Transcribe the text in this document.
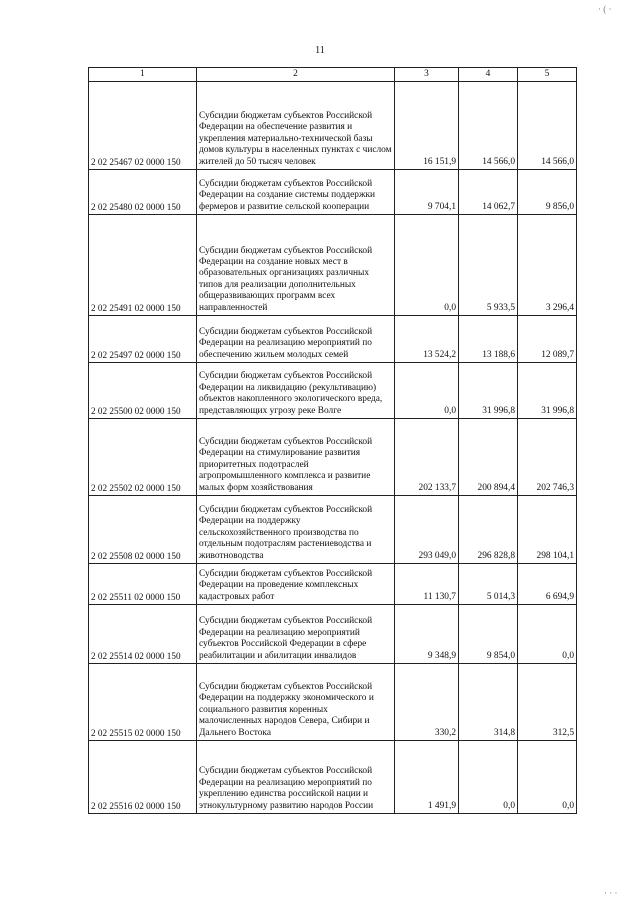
· ( ·
11
1	2	3	4	5
2 02 25467 02 0000 150	Субсидии бюджетам субъектов Российской Федерации на обеспечение развития и укрепления материально-технической базы домов культуры в населенных пунктах с числом жителей до 50 тысяч человек	16 151,9	14 566,0	14 566,0
2 02 25480 02 0000 150	Субсидии бюджетам субъектов Российской Федерации на создание системы поддержки фермеров и развитие сельской кооперации	9 704,1	14 062,7	9 856,0
2 02 25491 02 0000 150	Субсидии бюджетам субъектов Российской Федерации на создание новых мест в образовательных организациях различных типов для реализации дополнительных общеразвивающих программ всех направленностей	0,0	5 933,5	3 296,4
2 02 25497 02 0000 150	Субсидии бюджетам субъектов Российской Федерации на реализацию мероприятий по обеспечению жильем молодых семей	13 524,2	13 188,6	12 089,7
2 02 25500 02 0000 150	Субсидии бюджетам субъектов Российской Федерации на ликвидацию (рекультивацию) объектов накопленного экологического вреда, представляющих угрозу реке Волге	0,0	31 996,8	31 996,8
2 02 25502 02 0000 150	Субсидии бюджетам субъектов Российской Федерации на стимулирование развития приоритетных подотраслей агропромышленного комплекса и развитие малых форм хозяйствования	202 133,7	200 894,4	202 746,3
2 02 25508 02 0000 150	Субсидии бюджетам субъектов Российской Федерации на поддержку сельскохозяйственного производства по отдельным подотраслям растениеводства и животноводства	293 049,0	296 828,8	298 104,1
2 02 25511 02 0000 150	Субсидии бюджетам субъектов Российской Федерации на проведение комплексных кадастровых работ	11 130,7	5 014,3	6 694,9
2 02 25514 02 0000 150	Субсидии бюджетам субъектов Российской Федерации на реализацию мероприятий субъектов Российской Федерации в сфере реабилитации и абилитации инвалидов	9 348,9	9 854,0	0,0
2 02 25515 02 0000 150	Субсидии бюджетам субъектов Российской Федерации на поддержку экономического и социального развития коренных малочисленных народов Севера, Сибири и Дальнего Востока	330,2	314,8	312,5
2 02 25516 02 0000 150	Субсидии бюджетам субъектов Российской Федерации на реализацию мероприятий по укреплению единства российской нации и этнокультурному развитию народов России	1 491,9	0,0	0,0
· · ·
